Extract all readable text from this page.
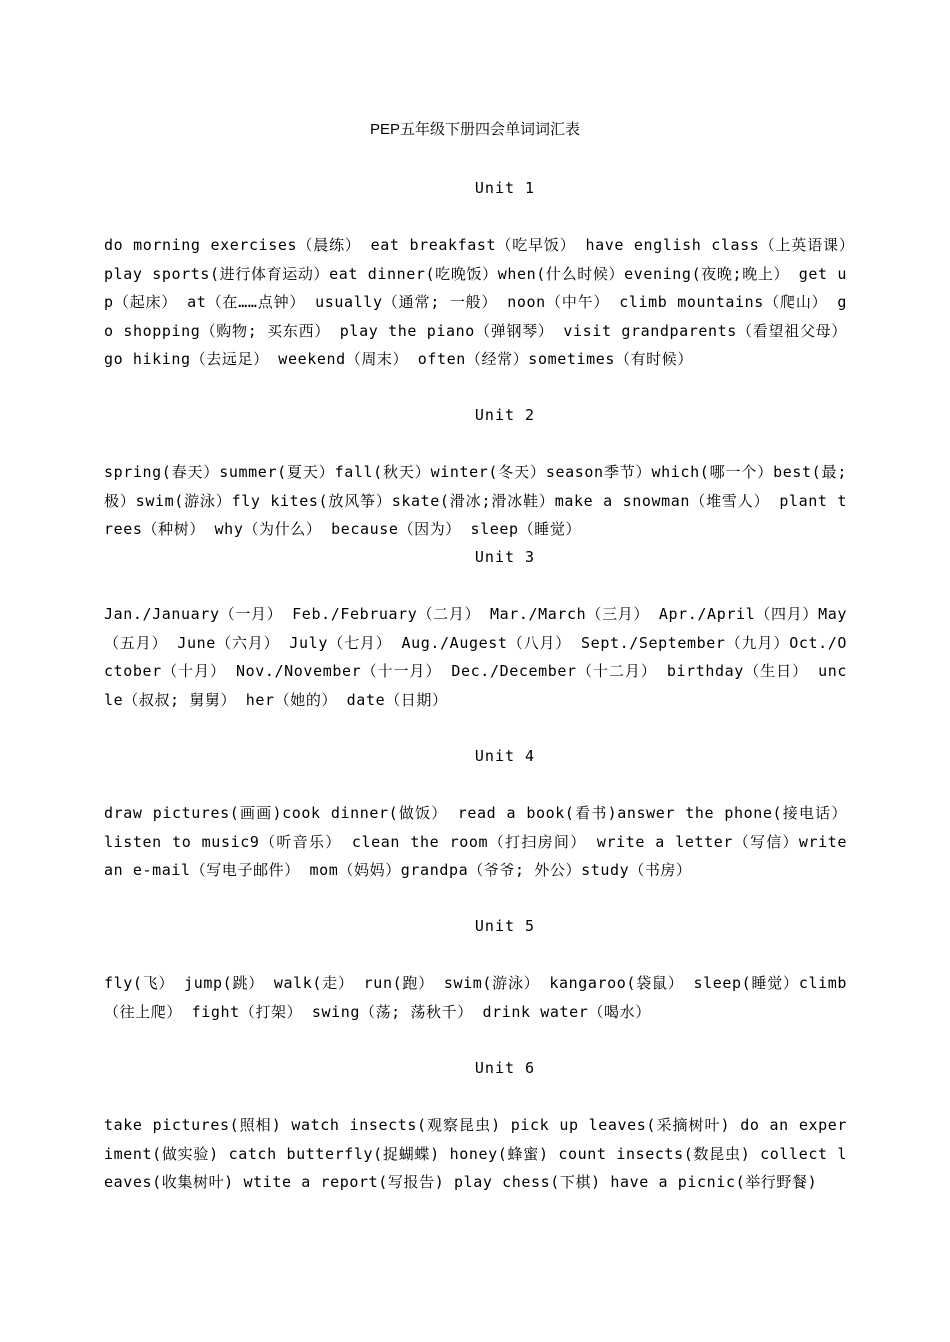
PEP五年级下册四会单词词汇表
Unit 1
do morning exercises（晨练） eat breakfast（吃早饭） have english class（上英语课）play sports(进行体育运动）eat dinner(吃晚饭）when(什么时候）evening(夜晚;晚上） get up（起床） at（在……点钟） usually（通常; 一般） noon（中午） climb mountains（爬山） go shopping（购物; 买东西） play the piano（弹钢琴） visit grandparents（看望祖父母） go hiking（去远足） weekend（周末） often（经常）sometimes（有时候）
Unit 2
spring(春天）summer(夏天）fall(秋天）winter(冬天）season季节）which(哪一个）best(最;极）swim(游泳）fly kites(放风筝）skate(滑冰;滑冰鞋）make a snowman（堆雪人） plant trees（种树） why（为什么） because（因为） sleep（睡觉）
Unit 3
Jan./January（一月） Feb./February（二月） Mar./March（三月） Apr./April（四月）May（五月） June（六月） July（七月） Aug./Augest（八月） Sept./September（九月）Oct./October（十月） Nov./November（十一月） Dec./December（十二月） birthday（生日） uncle（叔叔; 舅舅） her（她的） date（日期）
Unit 4
draw pictures(画画)cook dinner(做饭） read a book(看书)answer the phone(接电话） listen to music9（听音乐） clean the room（打扫房间） write a letter（写信）write an e-mail（写电子邮件） mom（妈妈）grandpa（爷爷; 外公）study（书房）
Unit 5
fly(飞） jump(跳） walk(走） run(跑） swim(游泳） kangaroo(袋鼠） sleep(睡觉）climb（往上爬） fight（打架） swing（荡; 荡秋千） drink water（喝水）
Unit 6
take pictures(照相) watch insects(观察昆虫) pick up leaves(采摘树叶) do an experiment(做实验) catch butterfly(捉蝴蝶) honey(蜂蜜) count insects(数昆虫) collect leaves(收集树叶) wtite a report(写报告) play chess(下棋) have a picnic(举行野餐)
